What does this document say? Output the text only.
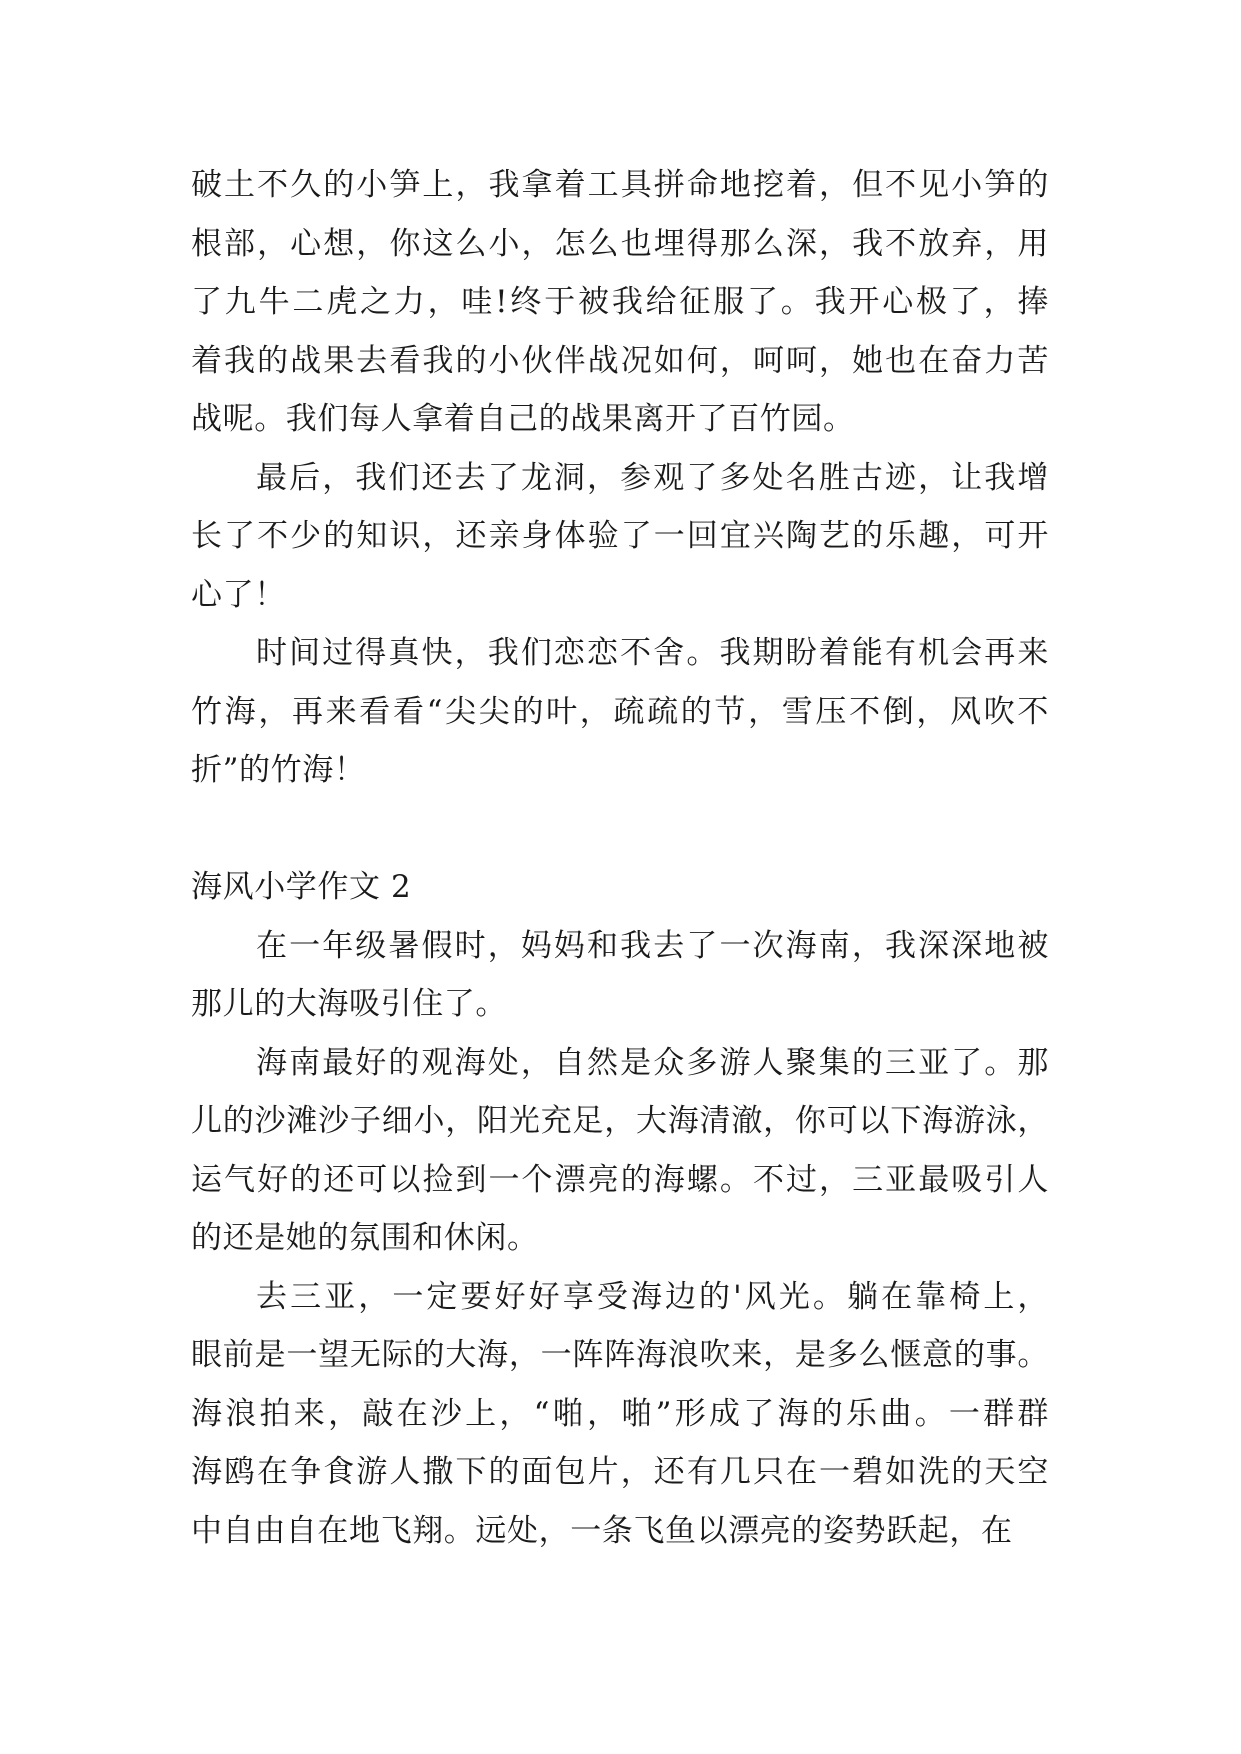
破土不久的小笋上，我拿着工具拼命地挖着，但不见小笋的
根部，心想，你这么小，怎么也埋得那么深，我不放弃，用
了九牛二虎之力，哇!终于被我给征服了。我开心极了，捧
着我的战果去看我的小伙伴战况如何，呵呵，她也在奋力苦
战呢。我们每人拿着自己的战果离开了百竹园。
最后，我们还去了龙洞，参观了多处名胜古迹，让我增
长了不少的知识，还亲身体验了一回宜兴陶艺的乐趣，可开
心了！
时间过得真快，我们恋恋不舍。我期盼着能有机会再来
竹海，再来看看“尖尖的叶，疏疏的节，雪压不倒，风吹不
折”的竹海！
海风小学作文 2
在一年级暑假时，妈妈和我去了一次海南，我深深地被
那儿的大海吸引住了。
海南最好的观海处，自然是众多游人聚集的三亚了。那
儿的沙滩沙子细小，阳光充足，大海清澈，你可以下海游泳，
运气好的还可以捡到一个漂亮的海螺。不过，三亚最吸引人
的还是她的氛围和休闲。
去三亚，一定要好好享受海边的'风光。躺在靠椅上，
眼前是一望无际的大海，一阵阵海浪吹来，是多么惬意的事。
海浪拍来，敲在沙上，“啪，啪”形成了海的乐曲。一群群
海鸥在争食游人撒下的面包片，还有几只在一碧如洗的天空
中自由自在地飞翔。远处，一条飞鱼以漂亮的姿势跃起，在
